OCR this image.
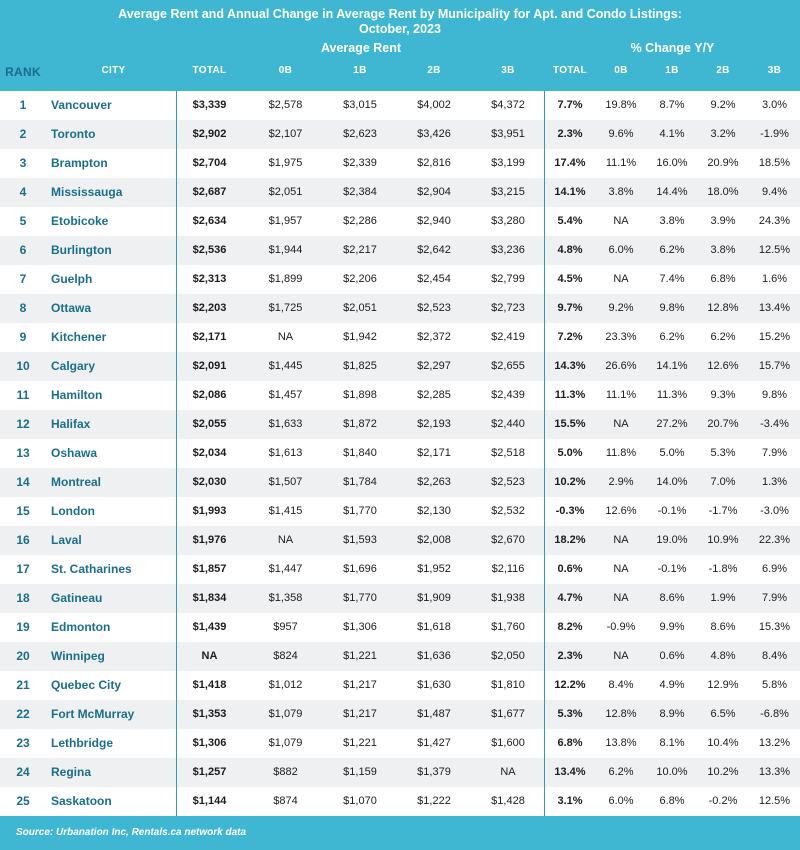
Average Rent and Annual Change in Average Rent by Municipality for Apt. and Condo Listings:
October, 2023
Average Rent	% Change Y/Y
RANK	CITY	TOTAL	0B	1B	2B	3B	TOTAL	0B	1B	2B	3B
1	Vancouver	$3,339	$2,578	$3,015	$4,002	$4,372	7.7%	19.8%	8.7%	9.2%	3.0%
2	Toronto	$2,902	$2,107	$2,623	$3,426	$3,951	2.3%	9.6%	4.1%	3.2%	-1.9%
3	Brampton	$2,704	$1,975	$2,339	$2,816	$3,199	17.4%	11.1%	16.0%	20.9%	18.5%
4	Mississauga	$2,687	$2,051	$2,384	$2,904	$3,215	14.1%	3.8%	14.4%	18.0%	9.4%
5	Etobicoke	$2,634	$1,957	$2,286	$2,940	$3,280	5.4%	NA	3.8%	3.9%	24.3%
6	Burlington	$2,536	$1,944	$2,217	$2,642	$3,236	4.8%	6.0%	6.2%	3.8%	12.5%
7	Guelph	$2,313	$1,899	$2,206	$2,454	$2,799	4.5%	NA	7.4%	6.8%	1.6%
8	Ottawa	$2,203	$1,725	$2,051	$2,523	$2,723	9.7%	9.2%	9.8%	12.8%	13.4%
9	Kitchener	$2,171	NA	$1,942	$2,372	$2,419	7.2%	23.3%	6.2%	6.2%	15.2%
10	Calgary	$2,091	$1,445	$1,825	$2,297	$2,655	14.3%	26.6%	14.1%	12.6%	15.7%
11	Hamilton	$2,086	$1,457	$1,898	$2,285	$2,439	11.3%	11.1%	11.3%	9.3%	9.8%
12	Halifax	$2,055	$1,633	$1,872	$2,193	$2,440	15.5%	NA	27.2%	20.7%	-3.4%
13	Oshawa	$2,034	$1,613	$1,840	$2,171	$2,518	5.0%	11.8%	5.0%	5.3%	7.9%
14	Montreal	$2,030	$1,507	$1,784	$2,263	$2,523	10.2%	2.9%	14.0%	7.0%	1.3%
15	London	$1,993	$1,415	$1,770	$2,130	$2,532	-0.3%	12.6%	-0.1%	-1.7%	-3.0%
16	Laval	$1,976	NA	$1,593	$2,008	$2,670	18.2%	NA	19.0%	10.9%	22.3%
17	St. Catharines	$1,857	$1,447	$1,696	$1,952	$2,116	0.6%	NA	-0.1%	-1.8%	6.9%
18	Gatineau	$1,834	$1,358	$1,770	$1,909	$1,938	4.7%	NA	8.6%	1.9%	7.9%
19	Edmonton	$1,439	$957	$1,306	$1,618	$1,760	8.2%	-0.9%	9.9%	8.6%	15.3%
20	Winnipeg	NA	$824	$1,221	$1,636	$2,050	2.3%	NA	0.6%	4.8%	8.4%
21	Quebec City	$1,418	$1,012	$1,217	$1,630	$1,810	12.2%	8.4%	4.9%	12.9%	5.8%
22	Fort McMurray	$1,353	$1,079	$1,217	$1,487	$1,677	5.3%	12.8%	8.9%	6.5%	-6.8%
23	Lethbridge	$1,306	$1,079	$1,221	$1,427	$1,600	6.8%	13.8%	8.1%	10.4%	13.2%
24	Regina	$1,257	$882	$1,159	$1,379	NA	13.4%	6.2%	10.0%	10.2%	13.3%
25	Saskatoon	$1,144	$874	$1,070	$1,222	$1,428	3.1%	6.0%	6.8%	-0.2%	12.5%
Source: Urbanation Inc, Rentals.ca network data
